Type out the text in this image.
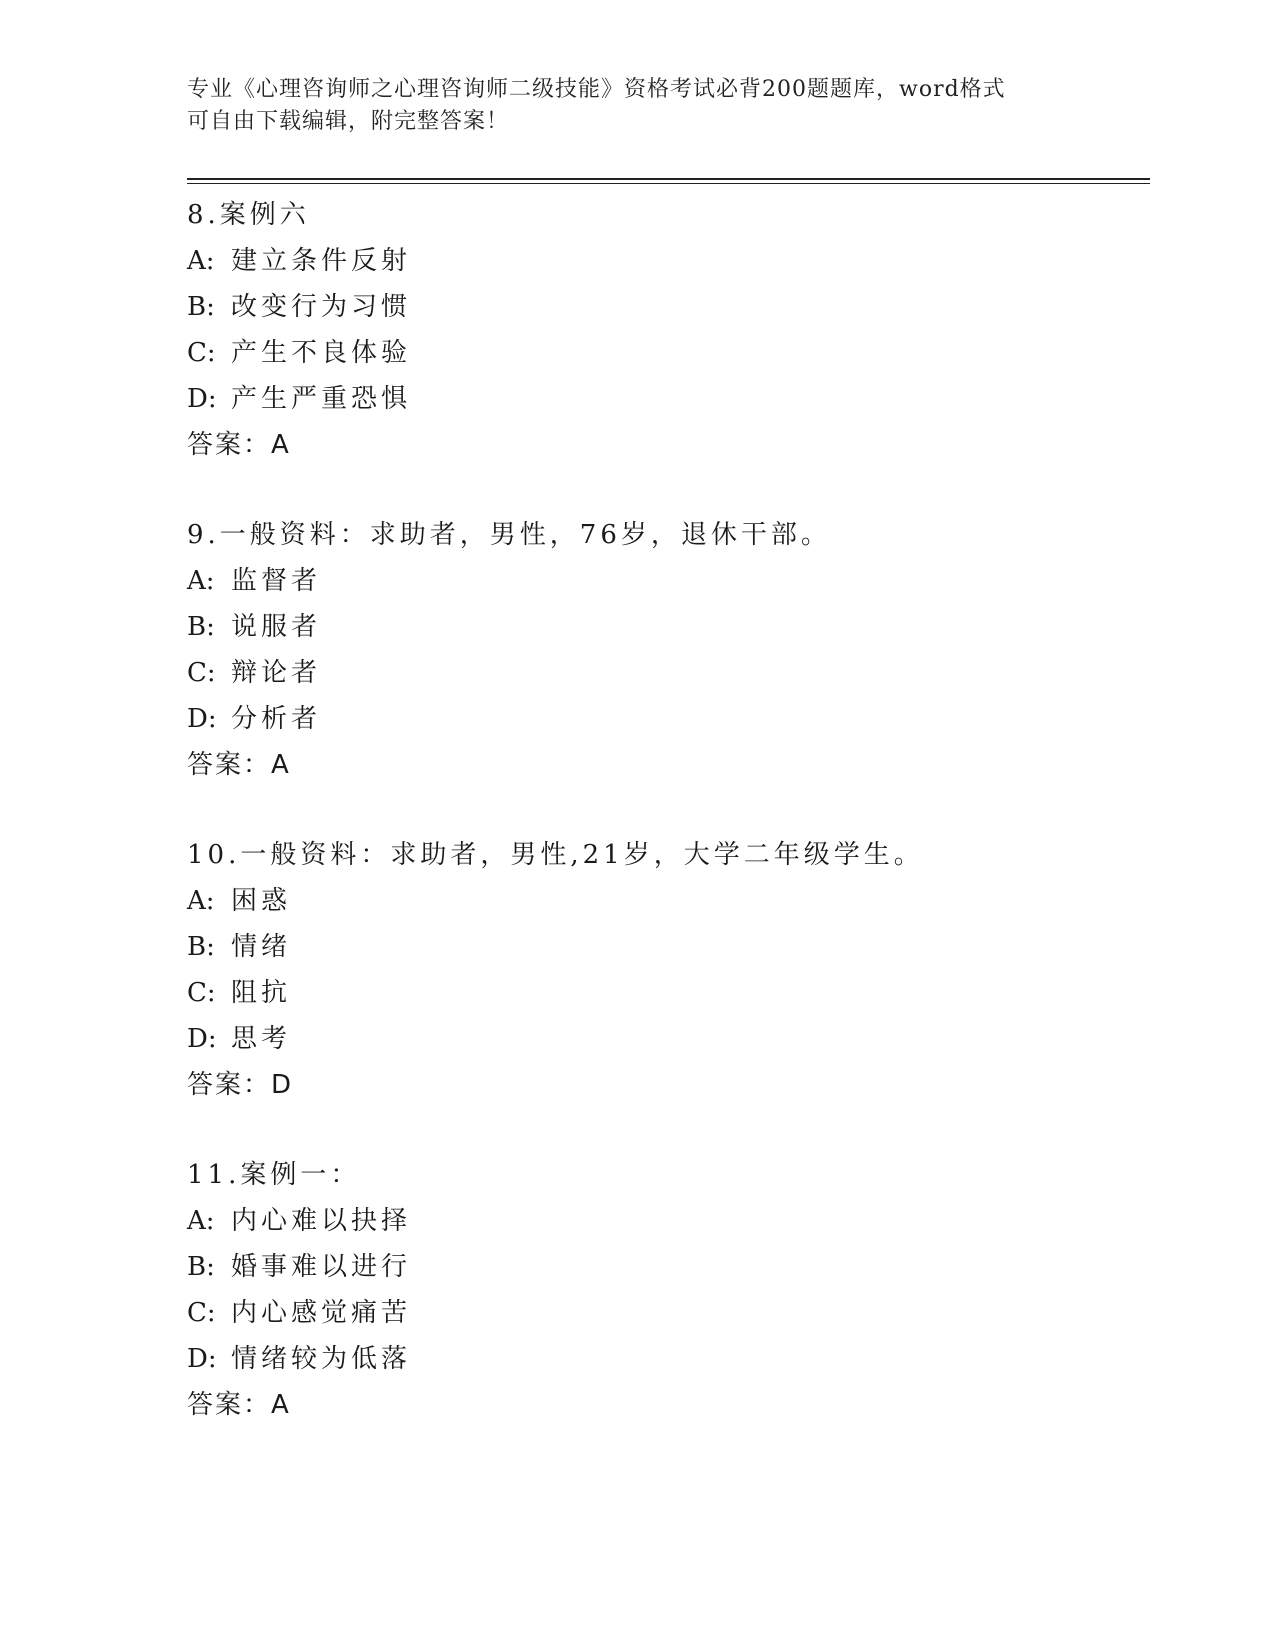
专业《心理咨询师之心理咨询师二级技能》资格考试必背200题题库，word格式
可自由下载编辑，附完整答案！
8.案例六
A: 建立条件反射
B: 改变行为习惯
C: 产生不良体验
D: 产生严重恐惧
答案：A
9.一般资料：求助者，男性，76岁，退休干部。
A: 监督者
B: 说服者
C: 辩论者
D: 分析者
答案：A
10.一般资料：求助者，男性,21岁，大学二年级学生。
A: 困惑
B: 情绪
C: 阻抗
D: 思考
答案：D
11.案例一：
A: 内心难以抉择
B: 婚事难以进行
C: 内心感觉痛苦
D: 情绪较为低落
答案：A
